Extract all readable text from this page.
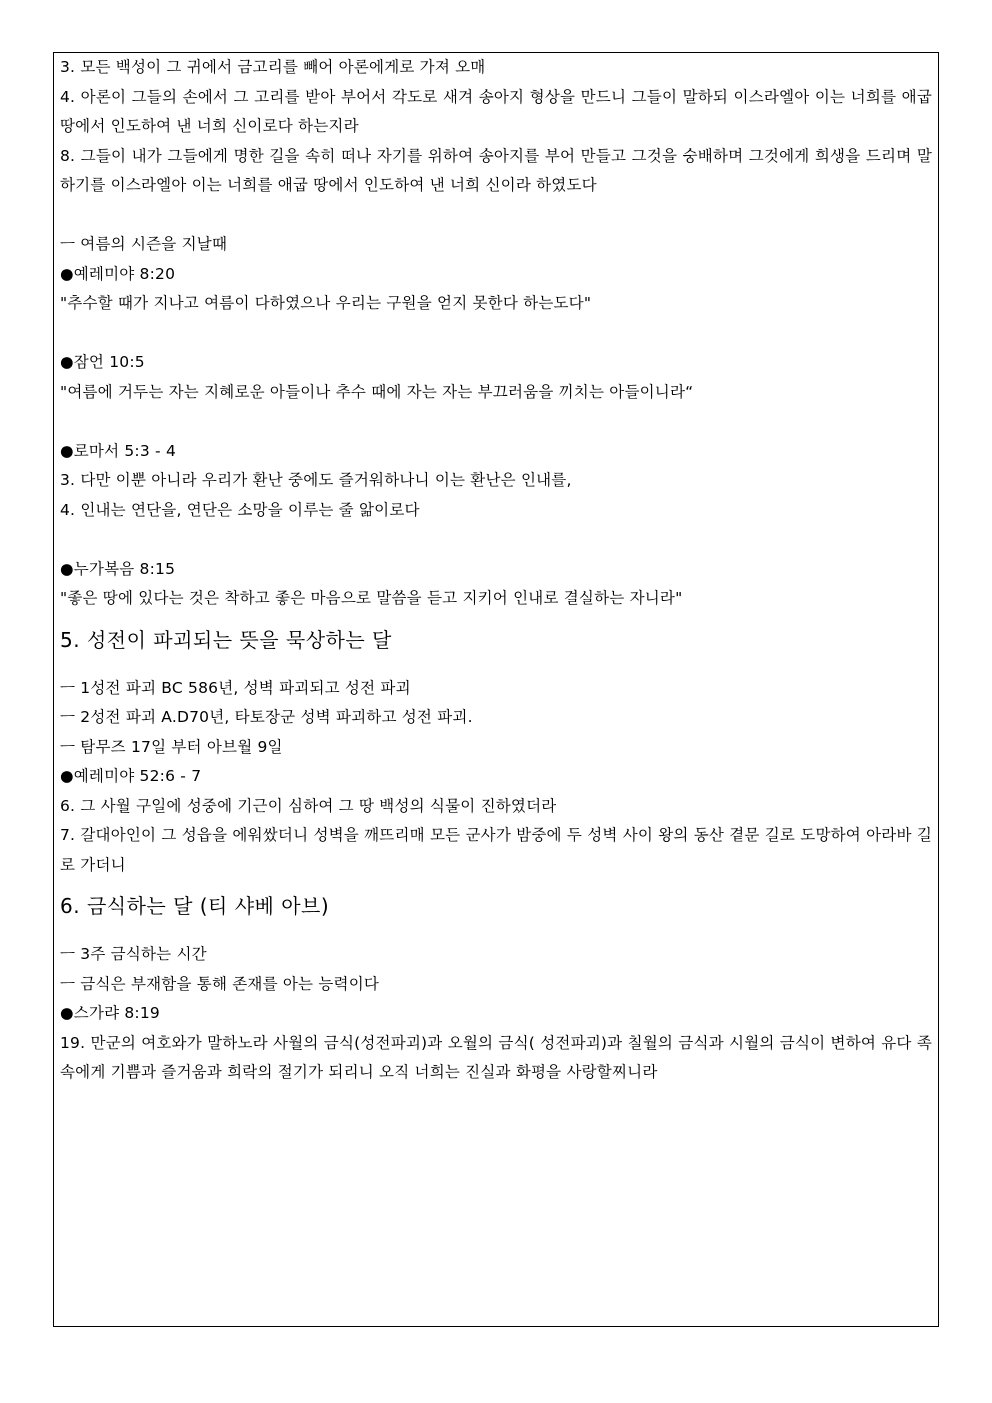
3. 모든 백성이 그 귀에서 금고리를 빼어 아론에게로 가져 오매
4. 아론이 그들의 손에서 그 고리를 받아 부어서 각도로 새겨 송아지 형상을 만드니 그들이 말하되 이스라엘아 이는 너희를 애굽 땅에서 인도하여 낸 너희 신이로다 하는지라
8. 그들이 내가 그들에게 명한 길을 속히 떠나 자기를 위하여 송아지를 부어 만들고 그것을 숭배하며 그것에게 희생을 드리며 말하기를 이스라엘아 이는 너희를 애굽 땅에서 인도하여 낸 너희 신이라 하였도다
ㅡ 여름의 시즌을 지날때
●예레미야 8:20
"추수할 때가 지나고 여름이 다하였으나 우리는 구원을 얻지 못한다 하는도다"
●잠언 10:5
"여름에 거두는 자는 지혜로운 아들이나 추수 때에 자는 자는 부끄러움을 끼치는 아들이니라“
●로마서 5:3 - 4
3. 다만 이뿐 아니라 우리가 환난 중에도 즐거워하나니 이는 환난은 인내를,
4. 인내는 연단을, 연단은 소망을 이루는 줄 앎이로다
●누가복음 8:15
"좋은 땅에 있다는 것은 착하고 좋은 마음으로 말씀을 듣고 지키어 인내로 결실하는 자니라"
5. 성전이 파괴되는 뜻을 묵상하는 달
ㅡ 1성전 파괴 BC 586년, 성벽 파괴되고 성전 파괴
ㅡ 2성전 파괴 A.D70년, 타토장군 성벽 파괴하고 성전 파괴.
ㅡ 탐무즈 17일 부터 아브월 9일
●예레미야 52:6 - 7
6. 그 사월 구일에 성중에 기근이 심하여 그 땅 백성의 식물이 진하였더라
7. 갈대아인이 그 성읍을 에워쌌더니 성벽을 깨뜨리매 모든 군사가 밤중에 두 성벽 사이 왕의 동산 곁문 길로 도망하여 아라바 길로 가더니
6. 금식하는 달 (티 샤베 아브)
ㅡ 3주 금식하는 시간
ㅡ 금식은 부재함을 통해 존재를 아는 능력이다
●스가랴 8:19
19. 만군의 여호와가 말하노라 사월의 금식(성전파괴)과 오월의 금식( 성전파괴)과 칠월의 금식과 시월의 금식이 변하여 유다 족속에게 기쁨과 즐거움과 희락의 절기가 되리니 오직 너희는 진실과 화평을 사랑할찌니라
